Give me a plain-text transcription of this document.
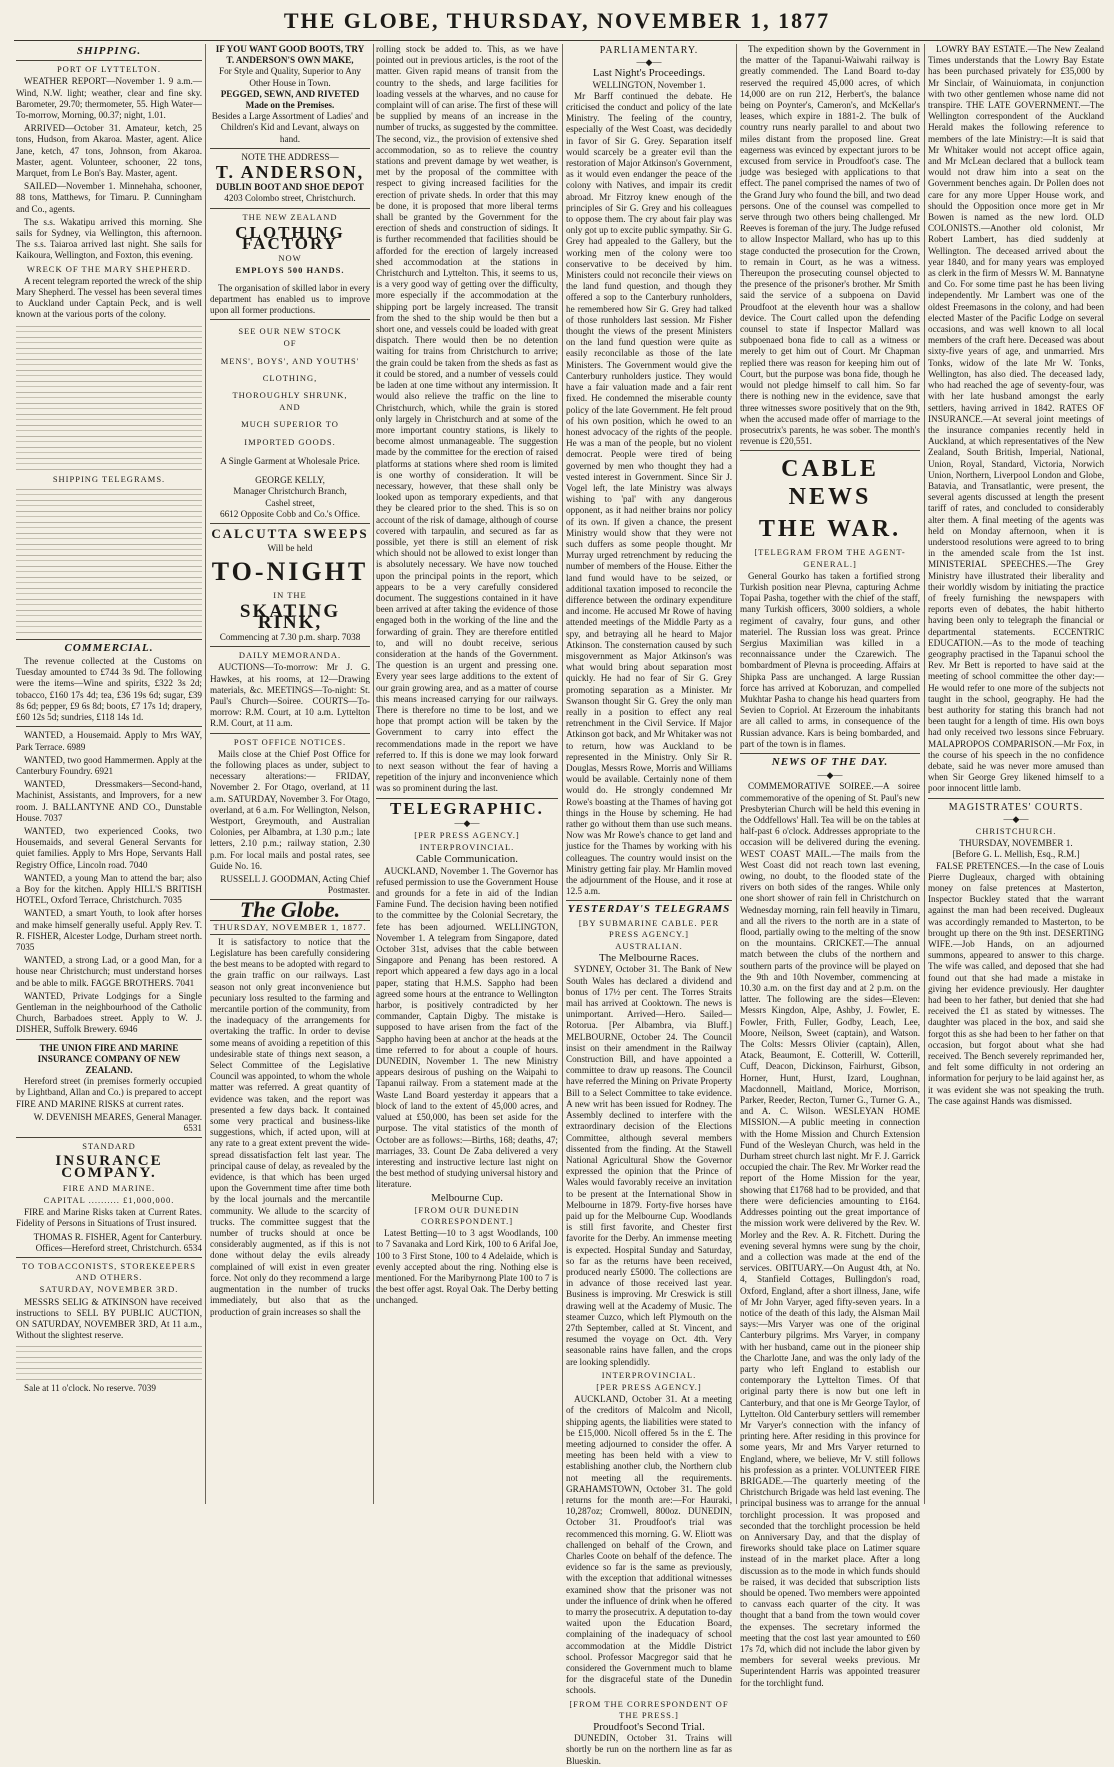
THE GLOBE, THURSDAY, NOVEMBER 1, 1877
SHIPPING.
PORT OF LYTTELTON.

WEATHER REPORT—November 1. 9 a.m.—Wind, N.W. light; weather, clear and fine sky. Barometer, 29.70; thermometer, 55. High Water—To-morrow, Morning, 00.37; night, 1.01.

ARRIVED—October 31. Amateur, ketch, 25 tons, Hudson, from Akaroa. Master, agent. Alice Jane, ketch, 47 tons, Johnson, from Akaroa. Master, agent. Volunteer, schooner, 22 tons, Marquet, from Le Bon's Bay. Master, agent.

SAILED—November 1. Minnehaha, schooner, 88 tons, Matthews, for Timaru. P. Cunningham and Co., agents.

The s.s. Wakatipu arrived this morning. She sails for Sydney, via Wellington, this afternoon. The s.s. Taiaroa arrived last night. She sails for Kaikoura, Wellington, and Foxton, this evening.

WRECK OF THE MARY SHEPHERD.

A recent telegram reported the wreck of the ship Mary Shepherd. The vessel has been several times to Auckland under Captain Peck, and is well known at the various ports of the colony.

SHIPPING TELEGRAMS.
COMMERCIAL.

The revenue collected at the Customs on Tuesday amounted to £744 3s 9d. The following were the items—Wine and spirits, £322 3s 2d; tobacco, £160 17s 4d; tea, £36 19s 6d; sugar, £39 8s 6d; pepper, £9 6s 8d; boots, £7 17s 1d; drapery, £60 12s 5d; sundries, £118 14s 1d.

WANTED, a Housemaid. Apply to Mrs WAY, Park Terrace. 6989

WANTED, two good Hammermen. Apply at the Canterbury Foundry. 6921

WANTED, Dressmakers—Second-hand, Machinist, Assistants, and Improvers, for a new room. J. BALLANTYNE AND CO., Dunstable House. 7037

WANTED, two experienced Cooks, two Housemaids, and several General Servants for quiet families. Apply to Mrs Hope, Servants Hall Registry Office, Lincoln road. 7040

WANTED, a young Man to attend the bar; also a Boy for the kitchen. Apply HILL'S BRITISH HOTEL, Oxford Terrace, Christchurch. 7035

WANTED, a smart Youth, to look after horses and make himself generally useful. Apply Rev. T. R. FISHER, Alcester Lodge, Durham street north. 7035

WANTED, a strong Lad, or a good Man, for a house near Christchurch; must understand horses and be able to milk. FAGGE BROTHERS. 7041

WANTED, Private Lodgings for a Single Gentleman in the neighbourhood of the Catholic Church, Barbadoes street. Apply to W. J. DISHER, Suffolk Brewery. 6946

THE UNION FIRE AND MARINE INSURANCE COMPANY OF NEW ZEALAND.

Hereford street (in premises formerly occupied by Lightband, Allan and Co.) is prepared to accept FIRE AND MARINE RISKS at current rates.

W. DEVENISH MEARES, General Manager. 6531

STANDARD
INSURANCE COMPANY.
FIRE AND MARINE.
CAPITAL .......... £1,000,000.

FIRE and Marine Risks taken at Current Rates. Fidelity of Persons in Situations of Trust insured.

THOMAS R. FISHER, Agent for Canterbury. Offices—Hereford street, Christchurch. 6534

TO TOBACCONISTS, STOREKEEPERS AND OTHERS.
SATURDAY, NOVEMBER 3RD.

MESSRS SELIG & ATKINSON have received instructions to SELL BY PUBLIC AUCTION, ON SATURDAY, NOVEMBER 3RD, At 11 a.m., Without the slightest reserve.

Sale at 11 o'clock. No reserve. 7039

IF YOU WANT GOOD BOOTS, TRY
T. ANDERSON'S OWN MAKE,
For Style and Quality, Superior to Any Other House in Town.
PEGGED, SEWN, AND RIVETED Made on the Premises.
Besides a Large Assortment of Ladies' and Children's Kid and Levant, always on hand.
NOTE THE ADDRESS—
T. ANDERSON,
DUBLIN BOOT AND SHOE DEPOT
4203 Colombo street, Christchurch.
THE NEW ZEALAND
CLOTHING FACTORY
NOW
EMPLOYS 500 HANDS.

The organisation of skilled labor in every department has enabled us to improve upon all former productions.

SEE OUR NEW STOCK
OF
MENS', BOYS', AND YOUTHS'
CLOTHING,
THOROUGHLY SHRUNK,
AND
MUCH SUPERIOR TO
IMPORTED GOODS.
A Single Garment at Wholesale Price.
GEORGE KELLY,
Manager Christchurch Branch,
Cashel street,
6612 Opposite Cobb and Co.'s Office.
CALCUTTA SWEEPS
Will be held
TO-NIGHT
IN THE
SKATING RINK,
Commencing at 7.30 p.m. sharp. 7038
DAILY MEMORANDA.

AUCTIONS—To-morrow: Mr J. G. Hawkes, at his rooms, at 12—Drawing materials, &c. MEETINGS—To-night: St. Paul's Church—Soiree. COURTS—To-morrow: R.M. Court, at 10 a.m. Lyttelton R.M. Court, at 11 a.m.

POST OFFICE NOTICES.

Mails close at the Chief Post Office for the following places as under, subject to necessary alterations:— FRIDAY, November 2. For Otago, overland, at 11 a.m. SATURDAY, November 3. For Otago, overland, at 6 a.m. For Wellington, Nelson, Westport, Greymouth, and Australian Colonies, per Albambra, at 1.30 p.m.; late letters, 2.10 p.m.; railway station, 2.30 p.m. For local mails and postal rates, see Guide No. 16.

RUSSELL J. GOODMAN, Acting Chief Postmaster.

The Globe.
THURSDAY, NOVEMBER 1, 1877.

It is satisfactory to notice that the Legislature has been carefully considering the best means to be adopted with regard to the grain traffic on our railways. Last season not only great inconvenience but pecuniary loss resulted to the farming and mercantile portion of the community, from the inadequacy of the arrangements for overtaking the traffic. In order to devise some means of avoiding a repetition of this undesirable state of things next season, a Select Committee of the Legislative Council was appointed, to whom the whole matter was referred. A great quantity of evidence was taken, and the report was presented a few days back. It contained some very practical and business-like suggestions, which, if acted upon, will at any rate to a great extent prevent the wide-spread dissatisfaction felt last year. The principal cause of delay, as revealed by the evidence, is that which has been urged upon the Government time after time both by the local journals and the mercantile community. We allude to the scarcity of trucks. The committee suggest that the number of trucks should at once be considerably augmented, as if this is not done without delay the evils already complained of will exist in even greater force. Not only do they recommend a large augmentation in the number of trucks immediately, but also that as the production of grain increases so shall the

rolling stock be added to. This, as we have pointed out in previous articles, is the root of the matter. Given rapid means of transit from the country to the sheds, and large facilities for loading vessels at the wharves, and no cause for complaint will of can arise. The first of these will be supplied by means of an increase in the number of trucks, as suggested by the committee. The second, viz., the provision of extensive shed accommodation, so as to relieve the country stations and prevent damage by wet weather, is met by the proposal of the committee with respect to giving increased facilities for the erection of private sheds. In order that this may be done, it is proposed that more liberal terms shall be granted by the Government for the erection of sheds and construction of sidings. It is further recommended that facilities should be afforded for the erection of largely increased shed accommodation at the stations in Christchurch and Lyttelton. This, it seems to us, is a very good way of getting over the difficulty, more especially if the accommodation at the shipping port be largely increased. The transit from the shed to the ship would be then but a short one, and vessels could be loaded with great dispatch. There would then be no detention waiting for trains from Christchurch to arrive; the grain could be taken from the sheds as fast as it could be stored, and a number of vessels could be laden at one time without any intermission. It would also relieve the traffic on the line to Christchurch, which, while the grain is stored only largely in Christchurch and at some of the more important country stations, is likely to become almost unmanageable. The suggestion made by the committee for the erection of raised platforms at stations where shed room is limited is one worthy of consideration. It will be necessary, however, that these shall only be looked upon as temporary expedients, and that they be cleared prior to the shed. This is so on account of the risk of damage, although of course covered with tarpaulin, and secured as far as possible, yet there is still an element of risk which should not be allowed to exist longer than is absolutely necessary. We have now touched upon the principal points in the report, which appears to be a very carefully considered document. The suggestions contained in it have been arrived at after taking the evidence of those engaged both in the working of the line and the forwarding of grain. They are therefore entitled to, and will no doubt receive, serious consideration at the hands of the Government. The question is an urgent and pressing one. Every year sees large additions to the extent of our grain growing area, and as a matter of course this means increased carrying for our railways. There is therefore no time to be lost, and we hope that prompt action will be taken by the Government to carry into effect the recommendations made in the report we have referred to. If this is done we may look forward to next season without the fear of having a repetition of the injury and inconvenience which was so prominent during the last.

TELEGRAPHIC.
—◆—
[PER PRESS AGENCY.]
INTERPROVINCIAL.
Cable Communication.

AUCKLAND, November 1. The Governor has refused permission to use the Government House and grounds for a fete in aid of the Indian Famine Fund. The decision having been notified to the committee by the Colonial Secretary, the fete has been adjourned. WELLINGTON, November 1. A telegram from Singapore, dated October 31st, advises that the cable between Singapore and Penang has been restored. A report which appeared a few days ago in a local paper, stating that H.M.S. Sappho had been agreed some hours at the entrance to Wellington harbor, is positively contradicted by her commander, Captain Digby. The mistake is supposed to have arisen from the fact of the Sappho having been at anchor at the heads at the time referred to for about a couple of hours. DUNEDIN, November 1. The new Ministry appears desirous of pushing on the Waipahi to Tapanui railway. From a statement made at the Waste Land Board yesterday it appears that a block of land to the extent of 45,000 acres, and valued at £50,000, has been set aside for the purpose. The vital statistics of the month of October are as follows:—Births, 168; deaths, 47; marriages, 33. Count De Zaba delivered a very interesting and instructive lecture last night on the best method of studying universal history and literature.

Melbourne Cup.
[FROM OUR DUNEDIN CORRESPONDENT.]

Latest Betting—10 to 3 agst Woodlands, 100 to 7 Savanaka and Lord Kirk, 100 to 6 Arifal Joe, 100 to 3 First Stone, 100 to 4 Adelaide, which is evenly accepted about the ring. Nothing else is mentioned. For the Maribyrnong Plate 100 to 7 is the best offer agst. Royal Oak. The Derby betting unchanged.

PARLIAMENTARY.
—◆—
Last Night's Proceedings.
WELLINGTON, November 1.

Mr Barff continued the debate. He criticised the conduct and policy of the late Ministry. The feeling of the country, especially of the West Coast, was decidedly in favor of Sir G. Grey. Separation itself would scarcely be a greater evil than the restoration of Major Atkinson's Government, as it would even endanger the peace of the colony with Natives, and impair its credit abroad. Mr Fitzroy knew enough of the principles of Sir G. Grey and his colleagues to oppose them. The cry about fair play was only got up to excite public sympathy. Sir G. Grey had appealed to the Gallery, but the working men of the colony were too conservative to be deceived by him. Ministers could not reconcile their views on the land fund question, and though they offered a sop to the Canterbury runholders, he remembered how Sir G. Grey had talked of those runholders last session. Mr Fisher thought the views of the present Ministers on the land fund question were quite as easily reconcilable as those of the late Ministers. The Government would give the Canterbury runholders justice. They would have a fair valuation made and a fair rent fixed. He condemned the miserable county policy of the late Government. He felt proud of his own position, which he owed to an honest advocacy of the rights of the people. He was a man of the people, but no violent democrat. People were tired of being governed by men who thought they had a vested interest in Government. Since Sir J. Vogel left, the late Ministry was always wishing to 'pal' with any dangerous opponent, as it had neither brains nor policy of its own. If given a chance, the present Ministry would show that they were not such duffers as some people thought. Mr Murray urged retrenchment by reducing the number of members of the House. Either the land fund would have to be seized, or additional taxation imposed to reconcile the difference between the ordinary expenditure and income. He accused Mr Rowe of having attended meetings of the Middle Party as a spy, and betraying all he heard to Major Atkinson. The consternation caused by such misgovernment as Major Atkinson's was what would bring about separation most quickly. He had no fear of Sir G. Grey promoting separation as a Minister. Mr Swanson thought Sir G. Grey the only man really in a position to effect any real retrenchment in the Civil Service. If Major Atkinson got back, and Mr Whitaker was not to return, how was Auckland to be represented in the Ministry. Only Sir R. Douglas, Messrs Rowe, Morris and Williams would be available. Certainly none of them would do. He strongly condemned Mr Rowe's boasting at the Thames of having got things in the House by scheming. He had rather go without them than use such means. Now was Mr Rowe's chance to get land and justice for the Thames by working with his colleagues. The country would insist on the Ministry getting fair play. Mr Hamlin moved the adjournment of the House, and it rose at 12.5 a.m.

YESTERDAY'S TELEGRAMS
[BY SUBMARINE CABLE. PER PRESS AGENCY.]
AUSTRALIAN.
The Melbourne Races.

SYDNEY, October 31. The Bank of New South Wales has declared a dividend and bonus of 17½ per cent. The Torres Straits mail has arrived at Cooktown. The news is unimportant. Arrived—Hero. Sailed—Rotorua. [Per Albambra, via Bluff.] MELBOURNE, October 24. The Council insist on their amendment in the Railway Construction Bill, and have appointed a committee to draw up reasons. The Council have referred the Mining on Private Property Bill to a Select Committee to take evidence. A new writ has been issued for Rodney. The Assembly declined to interfere with the extraordinary decision of the Elections Committee, although several members dissented from the finding. At the Stawell National Agricultural Show the Governor expressed the opinion that the Prince of Wales would favorably receive an invitation to be present at the International Show in Melbourne in 1879. Forty-five horses have paid up for the Melbourne Cup. Woodlands is still first favorite, and Chester first favorite for the Derby. An immense meeting is expected. Hospital Sunday and Saturday, so far as the returns have been received, produced nearly £5000. The collections are in advance of those received last year. Business is improving. Mr Creswick is still drawing well at the Academy of Music. The steamer Cuzco, which left Plymouth on the 27th September, called at St. Vincent, and resumed the voyage on Oct. 4th. Very seasonable rains have fallen, and the crops are looking splendidly.

INTERPROVINCIAL.
[PER PRESS AGENCY.]

AUCKLAND, October 31. At a meeting of the creditors of Malcolm and Nicoll, shipping agents, the liabilities were stated to be £15,000. Nicoll offered 5s in the £. The meeting adjourned to consider the offer. A meeting has been held with a view to establishing another club, the Northern club not meeting all the requirements. GRAHAMSTOWN, October 31. The gold returns for the month are:—For Hauraki, 10,287oz; Cromwell, 800oz. DUNEDIN, October 31. Proudfoot's trial was recommenced this morning. G. W. Eliott was challenged on behalf of the Crown, and Charles Coote on behalf of the defence. The evidence so far is the same as previously, with the exception that additional witnesses examined show that the prisoner was not under the influence of drink when he offered to marry the prosecutrix. A deputation to-day waited upon the Education Board, complaining of the inadequacy of school accommodation at the Middle District school. Professor Macgregor said that he considered the Government much to blame for the disgraceful state of the Dunedin schools.

[FROM THE CORRESPONDENT OF THE PRESS.]
Proudfoot's Second Trial.

DUNEDIN, October 31. Trains will shortly be run on the northern line as far as Blueskin.

The expedition shown by the Government in the matter of the Tapanui-Waiwahi railway is greatly commended. The Land Board to-day reserved the required 45,000 acres, of which 14,000 are on run 212, Herbert's, the balance being on Poynter's, Cameron's, and McKellar's leases, which expire in 1881-2. The bulk of country runs nearly parallel to and about two miles distant from the proposed line. Great eagerness was evinced by expectant jurors to be excused from service in Proudfoot's case. The judge was besieged with applications to that effect. The panel comprised the names of two of the Grand Jury who found the bill, and two dead persons. One of the counsel was compelled to serve through two others being challenged. Mr Reeves is foreman of the jury. The Judge refused to allow Inspector Mallard, who has up to this stage conducted the prosecution for the Crown, to remain in Court, as he was a witness. Thereupon the prosecuting counsel objected to the presence of the prisoner's brother. Mr Smith said the service of a subpoena on David Proudfoot at the eleventh hour was a shallow device. The Court called upon the defending counsel to state if Inspector Mallard was subpoenaed bona fide to call as a witness or merely to get him out of Court. Mr Chapman replied there was reason for keeping him out of Court, but the purpose was bona fide, though he would not pledge himself to call him. So far there is nothing new in the evidence, save that three witnesses swore positively that on the 9th, when the accused made offer of marriage to the prosecutrix's parents, he was sober. The month's revenue is £20,551.

CABLE NEWS
THE WAR.
[TELEGRAM FROM THE AGENT-GENERAL.]

General Gourko has taken a fortified strong Turkish position near Plevna, capturing Achme Topai Pasha, together with the chief of the staff, many Turkish officers, 3000 soldiers, a whole regiment of cavalry, four guns, and other materiel. The Russian loss was great. Prince Sergius Maximilian was killed in a reconnaissance under the Czarewich. The bombardment of Plevna is proceeding. Affairs at Shipka Pass are unchanged. A large Russian force has arrived at Koboruzan, and compelled Mukhtar Pasha to change his head quarters from Sevien to Copriol. At Erzeroum the inhabitants are all called to arms, in consequence of the Russian advance. Kars is being bombarded, and part of the town is in flames.

NEWS OF THE DAY.
—◆—

COMMEMORATIVE SOIREE.—A soiree commemorative of the opening of St. Paul's new Presbyterian Church will be held this evening in the Oddfellows' Hall. Tea will be on the tables at half-past 6 o'clock. Addresses appropriate to the occasion will be delivered during the evening. WEST COAST MAIL.—The mails from the West Coast did not reach town last evening, owing, no doubt, to the flooded state of the rivers on both sides of the ranges. While only one short shower of rain fell in Christchurch on Wednesday morning, rain fell heavily in Timaru, and all the rivers to the north are in a state of flood, partially owing to the melting of the snow on the mountains. CRICKET.—The annual match between the clubs of the northern and southern parts of the province will be played on the 9th and 10th November, commencing at 10.30 a.m. on the first day and at 2 p.m. on the latter. The following are the sides—Eleven: Messrs Kingdon, Alpe, Ashby, J. Fowler, E. Fowler, Frith, Fuller, Godby, Leach, Lee, Moore, Neilson, Sweet (captain), and Watson. The Colts: Messrs Olivier (captain), Allen, Atack, Beaumont, E. Cotterill, W. Cotterill, Cuff, Deacon, Dickinson, Fairhurst, Gibson, Horner, Hunt, Hurst, Izard, Loughnan, Macdonnell, Maitland, Morice, Morrison, Parker, Reeder, Recton, Turner G., Turner G. A., and A. C. Wilson. WESLEYAN HOME MISSION.—A public meeting in connection with the Home Mission and Church Extension Fund of the Wesleyan Church, was held in the Durham street church last night. Mr F. J. Garrick occupied the chair. The Rev. Mr Worker read the report of the Home Mission for the year, showing that £1768 had to be provided, and that there were deficiencies amounting to £164. Addresses pointing out the great importance of the mission work were delivered by the Rev. W. Morley and the Rev. A. R. Fitchett. During the evening several hymns were sung by the choir, and a collection was made at the end of the services. OBITUARY.—On August 4th, at No. 4, Stanfield Cottages, Bullingdon's road, Oxford, England, after a short illness, Jane, wife of Mr John Varyer, aged fifty-seven years. In a notice of the death of this lady, the Alsman Mail says:—Mrs Varyer was one of the original Canterbury pilgrims. Mrs Varyer, in company with her husband, came out in the pioneer ship the Charlotte Jane, and was the only lady of the party who left England to establish our contemporary the Lyttelton Times. Of that original party there is now but one left in Canterbury, and that one is Mr George Taylor, of Lyttelton. Old Canterbury settlers will remember Mr Varyer's connection with the infancy of printing here. After residing in this province for some years, Mr and Mrs Varyer returned to England, where, we believe, Mr V. still follows his profession as a printer. VOLUNTEER FIRE BRIGADE.—The quarterly meeting of the Christchurch Brigade was held last evening. The principal business was to arrange for the annual torchlight procession. It was proposed and seconded that the torchlight procession be held on Anniversary Day, and that the display of fireworks should take place on Latimer square instead of in the market place. After a long discussion as to the mode in which funds should be raised, it was decided that subscription lists should be opened. Two members were appointed to canvass each quarter of the city. It was thought that a band from the town would cover the expenses. The secretary informed the meeting that the cost last year amounted to £60 17s 7d, which did not include the labor given by members for several weeks previous. Mr Superintendent Harris was appointed treasurer for the torchlight fund.

LOWRY BAY ESTATE.—The New Zealand Times understands that the Lowry Bay Estate has been purchased privately for £35,000 by Mr Sinclair, of Wainuiomata, in conjunction with two other gentlemen whose name did not transpire. THE LATE GOVERNMENT.—The Wellington correspondent of the Auckland Herald makes the following reference to members of the late Ministry:—It is said that Mr Whitaker would not accept office again, and Mr McLean declared that a bullock team would not draw him into a seat on the Government benches again. Dr Pollen does not care for any more Upper House work, and should the Opposition once more get in Mr Bowen is named as the new lord. OLD COLONISTS.—Another old colonist, Mr Robert Lambert, has died suddenly at Wellington. The deceased arrived about the year 1840, and for many years was employed as clerk in the firm of Messrs W. M. Bannatyne and Co. For some time past he has been living independently. Mr Lambert was one of the oldest Freemasons in the colony, and had been elected Master of the Pacific Lodge on several occasions, and was well known to all local members of the craft here. Deceased was about sixty-five years of age, and unmarried. Mrs Tonks, widow of the late Mr W. Tonks, Wellington, has also died. The deceased lady, who had reached the age of seventy-four, was with her late husband amongst the early settlers, having arrived in 1842. RATES OF INSURANCE.—At several joint meetings of the insurance companies recently held in Auckland, at which representatives of the New Zealand, South British, Imperial, National, Union, Royal, Standard, Victoria, Norwich Union, Northern, Liverpool London and Globe, Batavia, and Transatlantic, were present, the several agents discussed at length the present tariff of rates, and concluded to considerably alter them. A final meeting of the agents was held on Monday afternoon, when it is understood resolutions were agreed to to bring in the amended scale from the 1st inst. MINISTERIAL SPEECHES.—The Grey Ministry have illustrated their liberality and their worldly wisdom by initiating the practice of freely furnishing the newspapers with reports even of debates, the habit hitherto having been only to telegraph the financial or departmental statements. ECCENTRIC EDUCATION.—As to the mode of teaching geography practised in the Tapanui school the Rev. Mr Bett is reported to have said at the meeting of school committee the other day:—He would refer to one more of the subjects not taught in the school, geography. He had the best authority for stating this branch had not been taught for a length of time. His own boys had only received two lessons since February. MALAPROPOS COMPARISON.—Mr Fox, in the course of his speech in the no confidence debate, said he was never more amused than when Sir George Grey likened himself to a poor innocent little lamb.

MAGISTRATES' COURTS.
—◆—
CHRISTCHURCH.
THURSDAY, NOVEMBER 1.
[Before G. L. Mellish, Esq., R.M.]

FALSE PRETENCES.—In the case of Louis Pierre Dugleaux, charged with obtaining money on false pretences at Masterton, Inspector Buckley stated that the warrant against the man had been received. Dugleaux was accordingly remanded to Masterton, to be brought up there on the 9th inst. DESERTING WIFE.—Job Hands, on an adjourned summons, appeared to answer to this charge. The wife was called, and deposed that she had found out that she had made a mistake in giving her evidence previously. Her daughter had been to her father, but denied that she had received the £1 as stated by witnesses. The daughter was placed in the box, and said she forgot this as she had been to her father on that occasion, but forgot about what she had received. The Bench severely reprimanded her, and felt some difficulty in not ordering an information for perjury to be laid against her, as it was evident she was not speaking the truth. The case against Hands was dismissed.
